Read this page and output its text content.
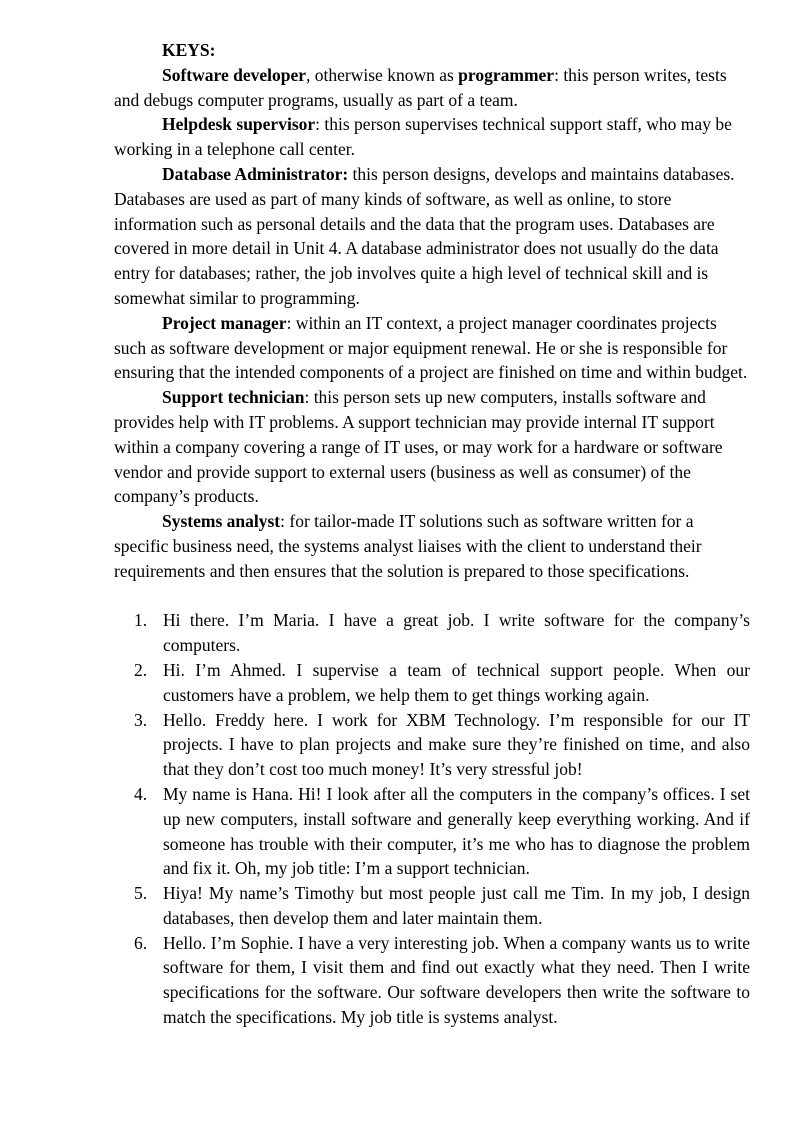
KEYS:

Software developer, otherwise known as programmer: this person writes, tests and debugs computer programs, usually as part of a team.

Helpdesk supervisor: this person supervises technical support staff, who may be working in a telephone call center.

Database Administrator: this person designs, develops and maintains databases. Databases are used as part of many kinds of software, as well as online, to store information such as personal details and the data that the program uses. Databases are covered in more detail in Unit 4. A database administrator does not usually do the data entry for databases; rather, the job involves quite a high level of technical skill and is somewhat similar to programming.

Project manager: within an IT context, a project manager coordinates projects such as software development or major equipment renewal. He or she is responsible for ensuring that the intended components of a project are finished on time and within budget.

Support technician: this person sets up new computers, installs software and provides help with IT problems. A support technician may provide internal IT support within a company covering a range of IT uses, or may work for a hardware or software vendor and provide support to external users (business as well as consumer) of the company’s products.

Systems analyst: for tailor-made IT solutions such as software written for a specific business need, the systems analyst liaises with the client to understand their requirements and then ensures that the solution is prepared to those specifications.

1. Hi there. I’m Maria. I have a great job. I write software for the company’s computers.
2. Hi. I’m Ahmed. I supervise a team of technical support people. When our customers have a problem, we help them to get things working again.
3. Hello. Freddy here. I work for XBM Technology. I’m responsible for our IT projects. I have to plan projects and make sure they’re finished on time, and also that they don’t cost too much money! It’s very stressful job!
4. My name is Hana. Hi! I look after all the computers in the company’s offices. I set up new computers, install software and generally keep everything working. And if someone has trouble with their computer, it’s me who has to diagnose the problem and fix it. Oh, my job title: I’m a support technician.
5. Hiya! My name’s Timothy but most people just call me Tim. In my job, I design databases, then develop them and later maintain them.
6. Hello. I’m Sophie. I have a very interesting job. When a company wants us to write software for them, I visit them and find out exactly what they need. Then I write specifications for the software. Our software developers then write the software to match the specifications. My job title is systems analyst.
